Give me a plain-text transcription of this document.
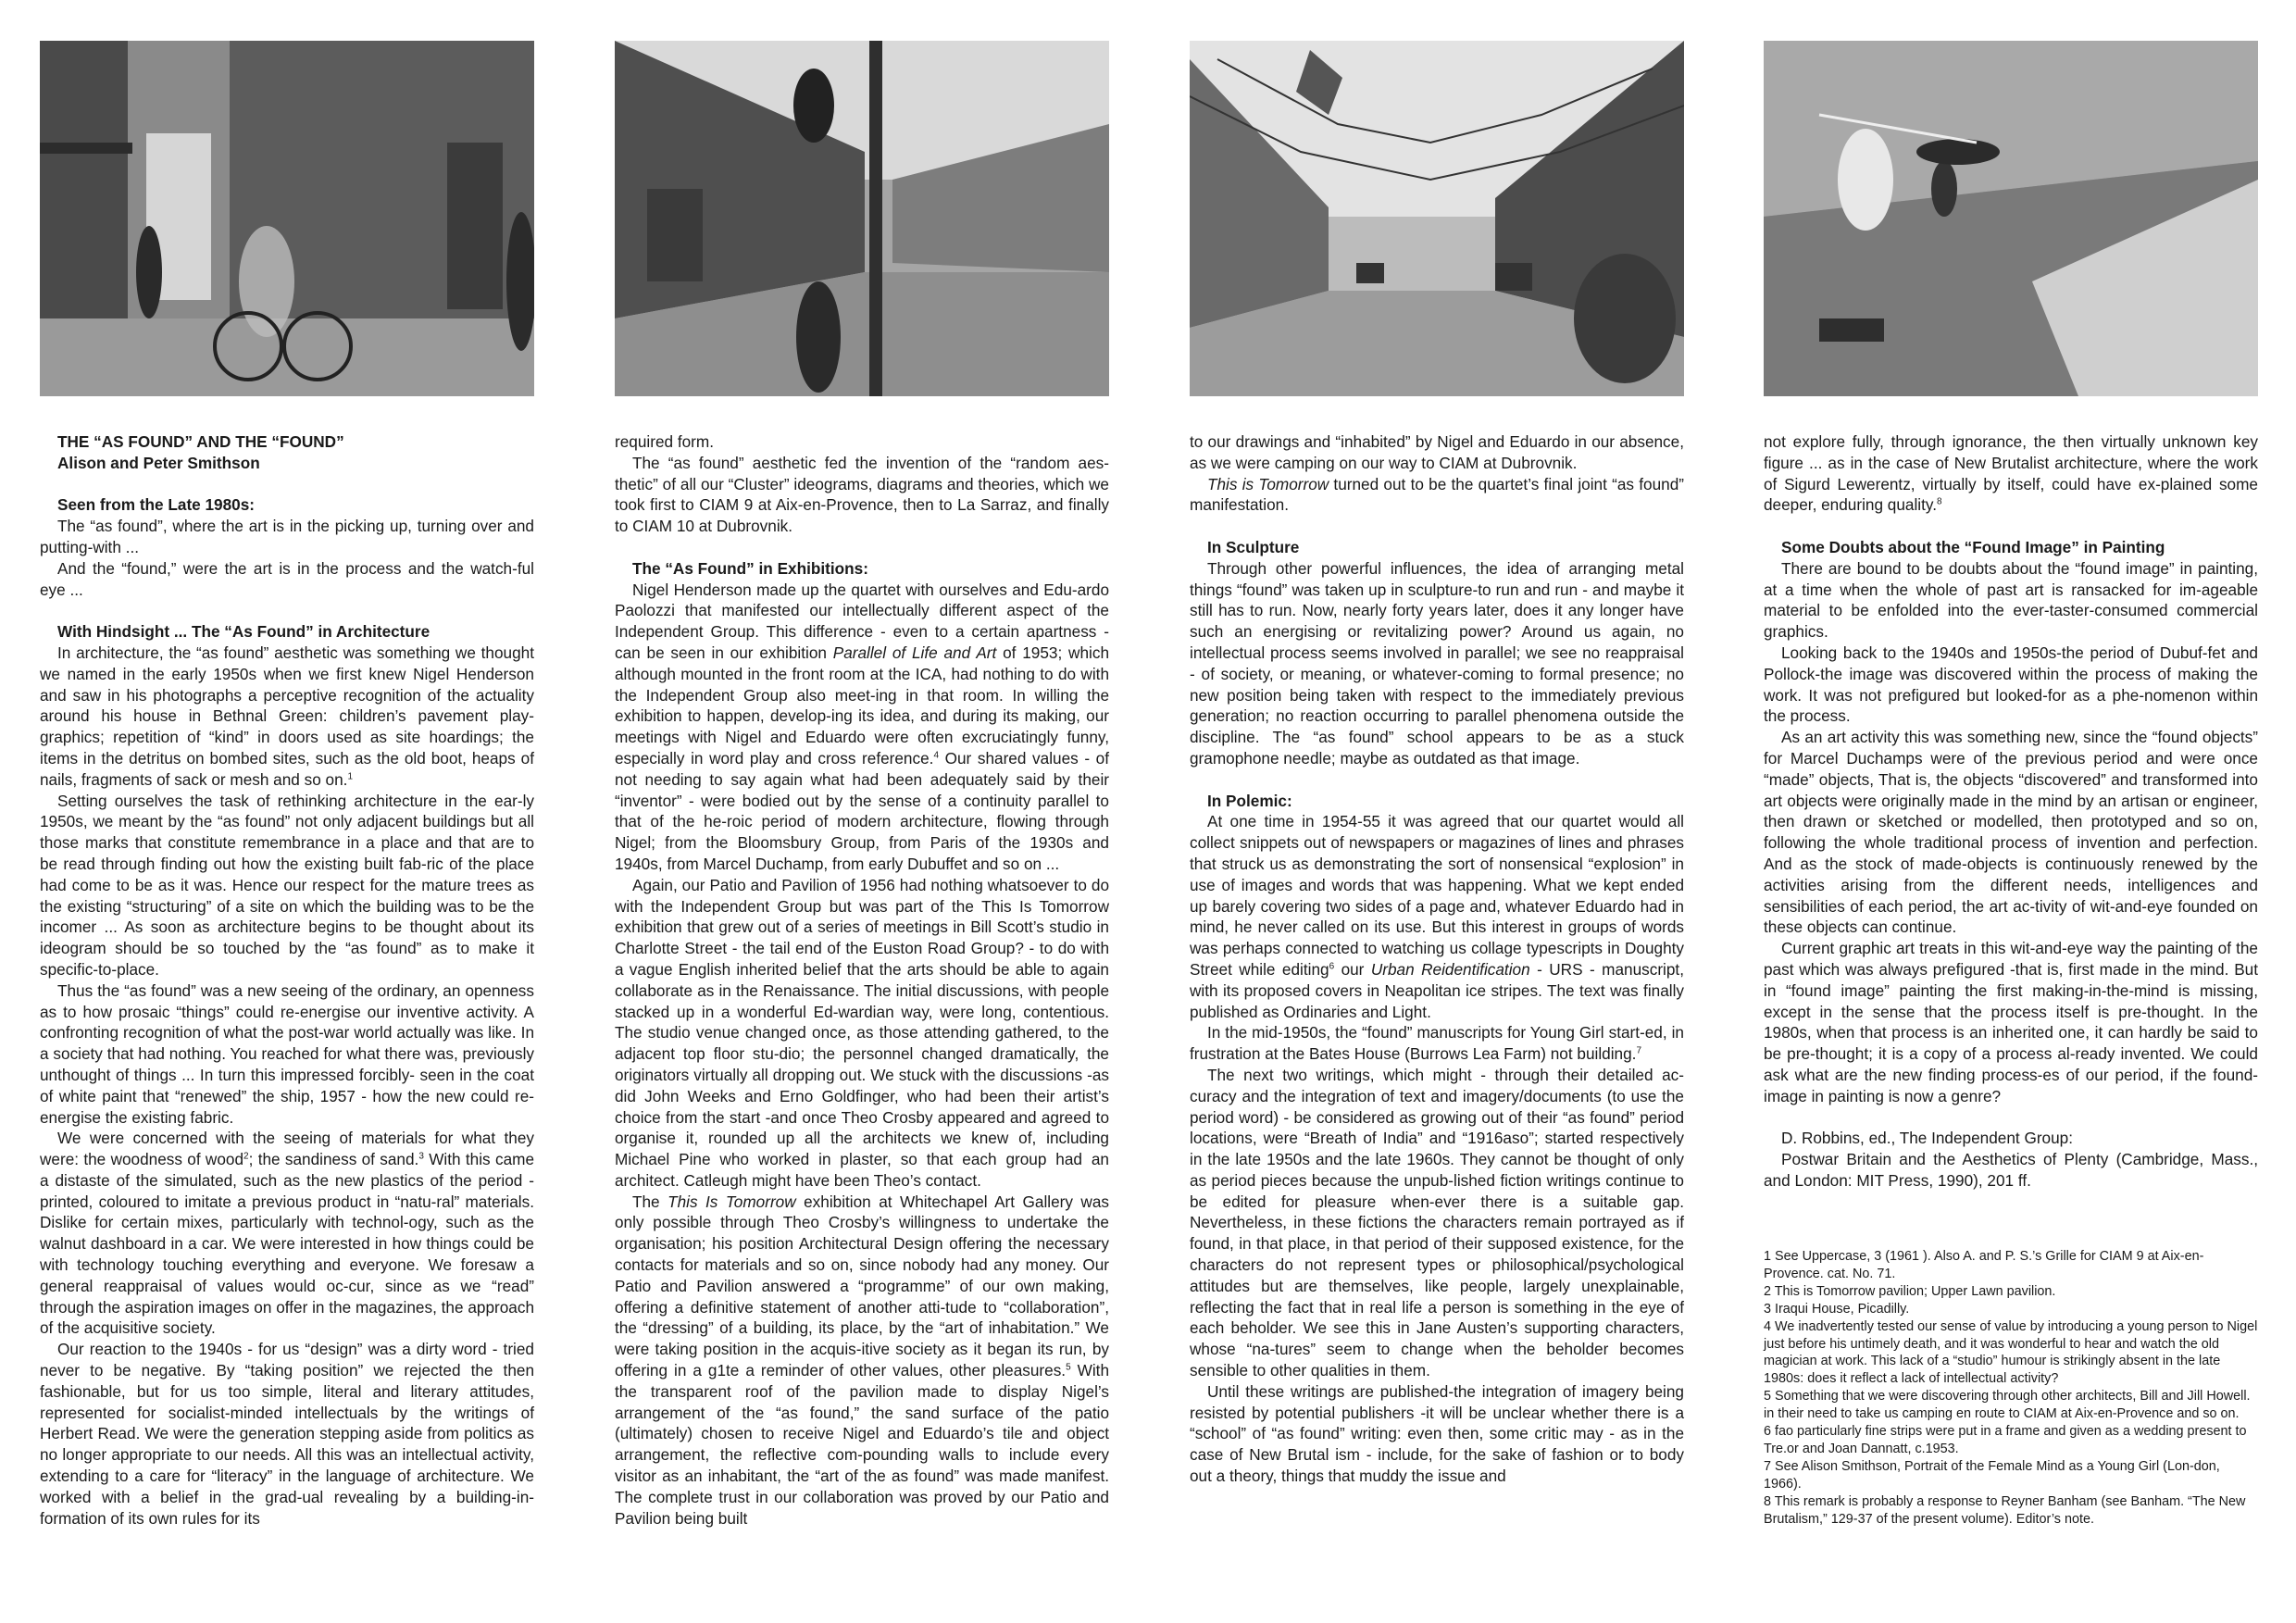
THE “AS FOUND” AND THE “FOUND”
Alison and Peter Smithson
Seen from the Late 1980s:

The “as found”, where the art is in the picking up, turning over and putting-with ...

And the “found,” were the art is in the process and the watch-ful eye ...

With Hindsight ... The “As Found” in Architecture

In architecture, the “as found” aesthetic was something we thought we named in the early 1950s when we first knew Nigel Henderson and saw in his photographs a perceptive recognition of the actuality around his house in Bethnal Green: children’s pavement play-graphics; repetition of “kind” in doors used as site hoardings; the items in the detritus on bombed sites, such as the old boot, heaps of nails, fragments of sack or mesh and so on.$^1$

Setting ourselves the task of rethinking architecture in the ear-ly 1950s, we meant by the “as found” not only adjacent buildings but all those marks that constitute remembrance in a place and that are to be read through finding out how the existing built fab-ric of the place had come to be as it was. Hence our respect for the mature trees as the existing “structuring” of a site on which the building was to be the incomer ... As soon as architecture begins to be thought about its ideogram should be so touched by the “as found” as to make it specific-to-place.

Thus the “as found” was a new seeing of the ordinary, an openness as to how prosaic “things” could re-energise our inventive activity. A confronting recognition of what the post-war world actually was like. In a society that had nothing. You reached for what there was, previously unthought of things ... In turn this impressed forcibly- seen in the coat of white paint that “renewed” the ship, 1957 - how the new could re-energise the existing fabric.

We were concerned with the seeing of materials for what they were: the woodness of wood$^2$; the sandiness of sand.$^3$ With this came a distaste of the simulated, such as the new plastics of the period - printed, coloured to imitate a previous product in “natu-ral” materials. Dislike for certain mixes, particularly with technol-ogy, such as the walnut dashboard in a car. We were interested in how things could be with technology touching everything and everyone. We foresaw a general reappraisal of values would oc-cur, since as we “read” through the aspiration images on offer in the magazines, the approach of the acquisitive society.

Our reaction to the 1940s - for us “design” was a dirty word - tried never to be negative. By “taking position” we rejected the then fashionable, but for us too simple, literal and literary attitudes, represented for socialist-minded intellectuals by the writings of Herbert Read. We were the generation stepping aside from politics as no longer appropriate to our needs. All this was an intellectual activity, extending to a care for “literacy” in the language of architecture. We worked with a belief in the grad-ual revealing by a building-in-formation of its own rules for its

required form.

The “as found” aesthetic fed the invention of the “random aes-thetic” of all our “Cluster” ideograms, diagrams and theories, which we took first to CIAM 9 at Aix-en-Provence, then to La Sarraz, and finally to CIAM 10 at Dubrovnik.

The “As Found” in Exhibitions:

Nigel Henderson made up the quartet with ourselves and Edu-ardo Paolozzi that manifested our intellectually different aspect of the Independent Group. This difference - even to a certain apartness - can be seen in our exhibition Parallel of Life and Art of 1953; which although mounted in the front room at the ICA, had nothing to do with the Independent Group also meet-ing in that room. In willing the exhibition to happen, develop-ing its idea, and during its making, our meetings with Nigel and Eduardo were often excruciatingly funny, especially in word play and cross reference.$^4$ Our shared values - of not needing to say again what had been adequately said by their “inventor” - were bodied out by the sense of a continuity parallel to that of the he-roic period of modern architecture, flowing through Nigel; from the Bloomsbury Group, from Paris of the 1930s and 1940s, from Marcel Duchamp, from early Dubuffet and so on ...

Again, our Patio and Pavilion of 1956 had nothing whatsoever to do with the Independent Group but was part of the This Is Tomorrow exhibition that grew out of a series of meetings in Bill Scott’s studio in Charlotte Street - the tail end of the Euston Road Group? - to do with a vague English inherited belief that the arts should be able to again collaborate as in the Renaissance. The initial discussions, with people stacked up in a wonderful Ed-wardian way, were long, contentious. The studio venue changed once, as those attending gathered, to the adjacent top floor stu-dio; the personnel changed dramatically, the originators virtually all dropping out. We stuck with the discussions -as did John Weeks and Erno Goldfinger, who had been their artist’s choice from the start -and once Theo Crosby appeared and agreed to organise it, rounded up all the architects we knew of, including Michael Pine who worked in plaster, so that each group had an architect. Catleugh might have been Theo’s contact.

The This Is Tomorrow exhibition at Whitechapel Art Gallery was only possible through Theo Crosby’s willingness to undertake the organisation; his position Architectural Design offering the necessary contacts for materials and so on, since nobody had any money. Our Patio and Pavilion answered a “programme” of our own making, offering a definitive statement of another atti-tude to “collaboration”, the “dressing” of a building, its place, by the “art of inhabitation.” We were taking position in the acquis-itive society as it began its run, by offering in a g1te a reminder of other values, other pleasures.$^5$ With the transparent roof of the pavilion made to display Nigel’s arrangement of the “as found,” the sand surface of the patio (ultimately) chosen to receive Nigel and Eduardo’s tile and object arrangement, the reflective com-pounding walls to include every visitor as an inhabitant, the “art of the as found” was made manifest. The complete trust in our collaboration was proved by our Patio and Pavilion being built

to our drawings and “inhabited” by Nigel and Eduardo in our absence, as we were camping on our way to CIAM at Dubrovnik.

This is Tomorrow turned out to be the quartet’s final joint “as found” manifestation.

In Sculpture

Through other powerful influences, the idea of arranging metal things “found” was taken up in sculpture-to run and run - and maybe it still has to run. Now, nearly forty years later, does it any longer have such an energising or revitalizing power? Around us again, no intellectual process seems involved in parallel; we see no reappraisal - of society, or meaning, or whatever-coming to formal presence; no new position being taken with respect to the immediately previous generation; no reaction occurring to parallel phenomena outside the discipline. The “as found” school appears to be as a stuck gramophone needle; maybe as outdated as that image.

In Polemic:

At one time in 1954-55 it was agreed that our quartet would all collect snippets out of newspapers or magazines of lines and phrases that struck us as demonstrating the sort of nonsensical “explosion” in use of images and words that was happening. What we kept ended up barely covering two sides of a page and, whatever Eduardo had in mind, he never called on its use. But this interest in groups of words was perhaps connected to watching us collage typescripts in Doughty Street while editing$^6$ our Urban Reidentification - URS - manuscript, with its proposed covers in Neapolitan ice stripes. The text was finally published as Ordinaries and Light.

In the mid-1950s, the “found” manuscripts for Young Girl start-ed, in frustration at the Bates House (Burrows Lea Farm) not building.$^7$

The next two writings, which might - through their detailed ac-curacy and the integration of text and imagery/documents (to use the period word) - be considered as growing out of their “as found” period locations, were “Breath of India” and “1916aso”; started respectively in the late 1950s and the late 1960s. They cannot be thought of only as period pieces because the unpub-lished fiction writings continue to be edited for pleasure when-ever there is a suitable gap. Nevertheless, in these fictions the characters remain portrayed as if found, in that place, in that period of their supposed existence, for the characters do not represent types or philosophical/psychological attitudes but are themselves, like people, largely unexplainable, reflecting the fact that in real life a person is something in the eye of each beholder. We see this in Jane Austen’s supporting characters, whose “na-tures” seem to change when the beholder becomes sensible to other qualities in them.

Until these writings are published-the integration of imagery being resisted by potential publishers -it will be unclear whether there is a “school” of “as found” writing: even then, some critic may - as in the case of New Brutal ism - include, for the sake of fashion or to body out a theory, things that muddy the issue and

not explore fully, through ignorance, the then virtually unknown key figure ... as in the case of New Brutalist architecture, where the work of Sigurd Lewerentz, virtually by itself, could have ex-plained some deeper, enduring quality.$^8$

Some Doubts about the “Found Image” in Painting

There are bound to be doubts about the “found image” in painting, at a time when the whole of past art is ransacked for im-ageable material to be enfolded into the ever-taster-consumed commercial graphics.

Looking back to the 1940s and 1950s-the period of Dubuf-fet and Pollock-the image was discovered within the process of making the work. It was not prefigured but looked-for as a phe-nomenon within the process.

As an art activity this was something new, since the “found objects” for Marcel Duchamps were of the previous period and were once “made” objects, That is, the objects “discovered” and transformed into art objects were originally made in the mind by an artisan or engineer, then drawn or sketched or modelled, then prototyped and so on, following the whole traditional process of invention and perfection. And as the stock of made-objects is continuously renewed by the activities arising from the different needs, intelligences and sensibilities of each period, the art ac-tivity of wit-and-eye founded on these objects can continue.

Current graphic art treats in this wit-and-eye way the painting of the past which was always prefigured -that is, first made in the mind. But in “found image” painting the first making-in-the-mind is missing, except in the sense that the process itself is pre-thought. In the 1980s, when that process is an inherited one, it can hardly be said to be pre-thought; it is a copy of a process al-ready invented. We could ask what are the new finding process-es of our period, if the found-image in painting is now a genre?

D. Robbins, ed., The Independent Group:

Postwar Britain and the Aesthetics of Plenty (Cambridge, Mass., and London: MIT Press, 1990), 201 ff.

1 See Uppercase, 3 (1961 ). Also A. and P. S.’s Grille for CIAM 9 at Aix-en-Provence. cat. No. 71.

2 This is Tomorrow pavilion; Upper Lawn pavilion.

3 Iraqui House, Picadilly.

4 We inadvertently tested our sense of value by introducing a young person to Nigel just before his untimely death, and it was wonderful to hear and watch the old magician at work. This lack of a “studio” humour is strikingly absent in the late 1980s: does it reflect a lack of intellectual activity?

5 Something that we were discovering through other architects, Bill and Jill Howell. in their need to take us camping en route to CIAM at Aix-en-Provence and so on.

6 fao particularly fine strips were put in a frame and given as a wedding present to Tre.or and Joan Dannatt, c.1953.

7 See Alison Smithson, Portrait of the Female Mind as a Young Girl (Lon-don, 1966).

8 This remark is probably a response to Reyner Banham (see Banham. “The New Brutalism,” 129-37 of the present volume). Editor’s note.
